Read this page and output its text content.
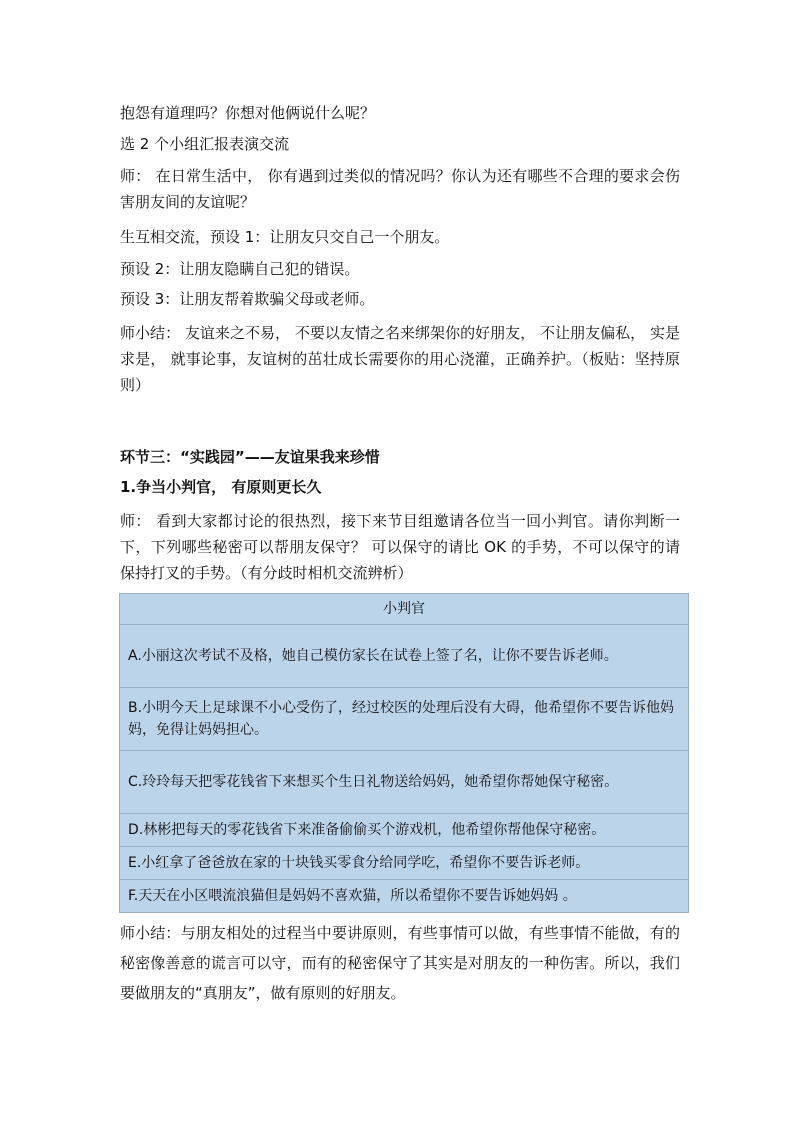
抱怨有道理吗？你想对他俩说什么呢？
选 2 个小组汇报表演交流
师： 在日常生活中， 你有遇到过类似的情况吗？你认为还有哪些不合理的要求会伤害朋友间的友谊呢？
生互相交流，预设 1：让朋友只交自己一个朋友。
预设 2：让朋友隐瞒自己犯的错误。
预设 3：让朋友帮着欺骗父母或老师。
师小结： 友谊来之不易， 不要以友情之名来绑架你的好朋友， 不让朋友偏私， 实是求是， 就事论事，友谊树的茁壮成长需要你的用心浇灌，正确养护。（板贴：坚持原则）
环节三：“实践园”——友谊果我来珍惜
1.争当小判官， 有原则更长久
师： 看到大家都讨论的很热烈，接下来节目组邀请各位当一回小判官。请你判断一下，下列哪些秘密可以帮朋友保守？ 可以保守的请比 OK 的手势，不可以保守的请保持打叉的手势。（有分歧时相机交流辨析）
小判官
A.小丽这次考试不及格，她自己模仿家长在试卷上签了名，让你不要告诉老师。
B.小明今天上足球课不小心受伤了，经过校医的处理后没有大碍，他希望你不要告诉他妈妈，免得让妈妈担心。
C.玲玲每天把零花钱省下来想买个生日礼物送给妈妈，她希望你帮她保守秘密。
D.林彬把每天的零花钱省下来准备偷偷买个游戏机，他希望你帮他保守秘密。
E.小红拿了爸爸放在家的十块钱买零食分给同学吃，希望你不要告诉老师。
F.天天在小区喂流浪猫但是妈妈不喜欢猫，所以希望你不要告诉她妈妈 。
师小结：与朋友相处的过程当中要讲原则，有些事情可以做，有些事情不能做，有的秘密像善意的谎言可以守，而有的秘密保守了其实是对朋友的一种伤害。所以，我们要做朋友的“真朋友”，做有原则的好朋友。
